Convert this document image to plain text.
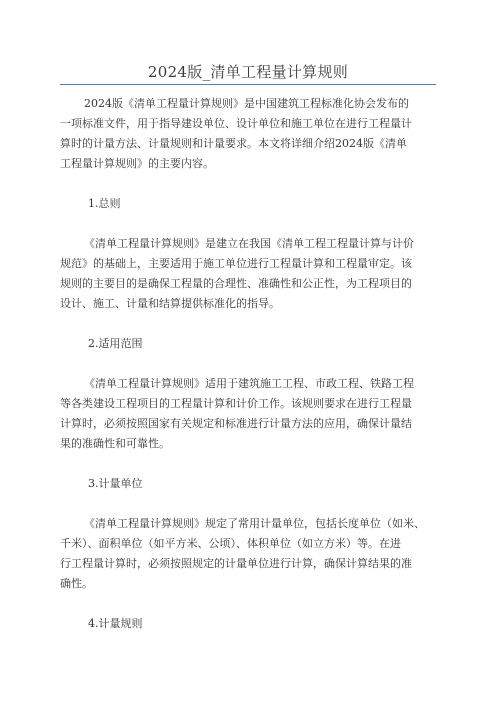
2024版_清单工程量计算规则

2024版《清单工程量计算规则》是中国建筑工程标准化协会发布的

一项标准文件，用于指导建设单位、设计单位和施工单位在进行工程量计

算时的计量方法、计量规则和计量要求。本文将详细介绍2024版《清单

工程量计算规则》的主要内容。

1.总则

《清单工程量计算规则》是建立在我国《清单工程工程量计算与计价

规范》的基础上，主要适用于施工单位进行工程量计算和工程量审定。该

规则的主要目的是确保工程量的合理性、准确性和公正性，为工程项目的

设计、施工、计量和结算提供标准化的指导。

2.适用范围

《清单工程量计算规则》适用于建筑施工工程、市政工程、铁路工程

等各类建设工程项目的工程量计算和计价工作。该规则要求在进行工程量

计算时，必须按照国家有关规定和标准进行计量方法的应用，确保计量结

果的准确性和可靠性。

3.计量单位

《清单工程量计算规则》规定了常用计量单位，包括长度单位（如米、

千米）、面积单位（如平方米、公顷）、体积单位（如立方米）等。在进

行工程量计算时，必须按照规定的计量单位进行计算，确保计算结果的准

确性。

4.计量规则
